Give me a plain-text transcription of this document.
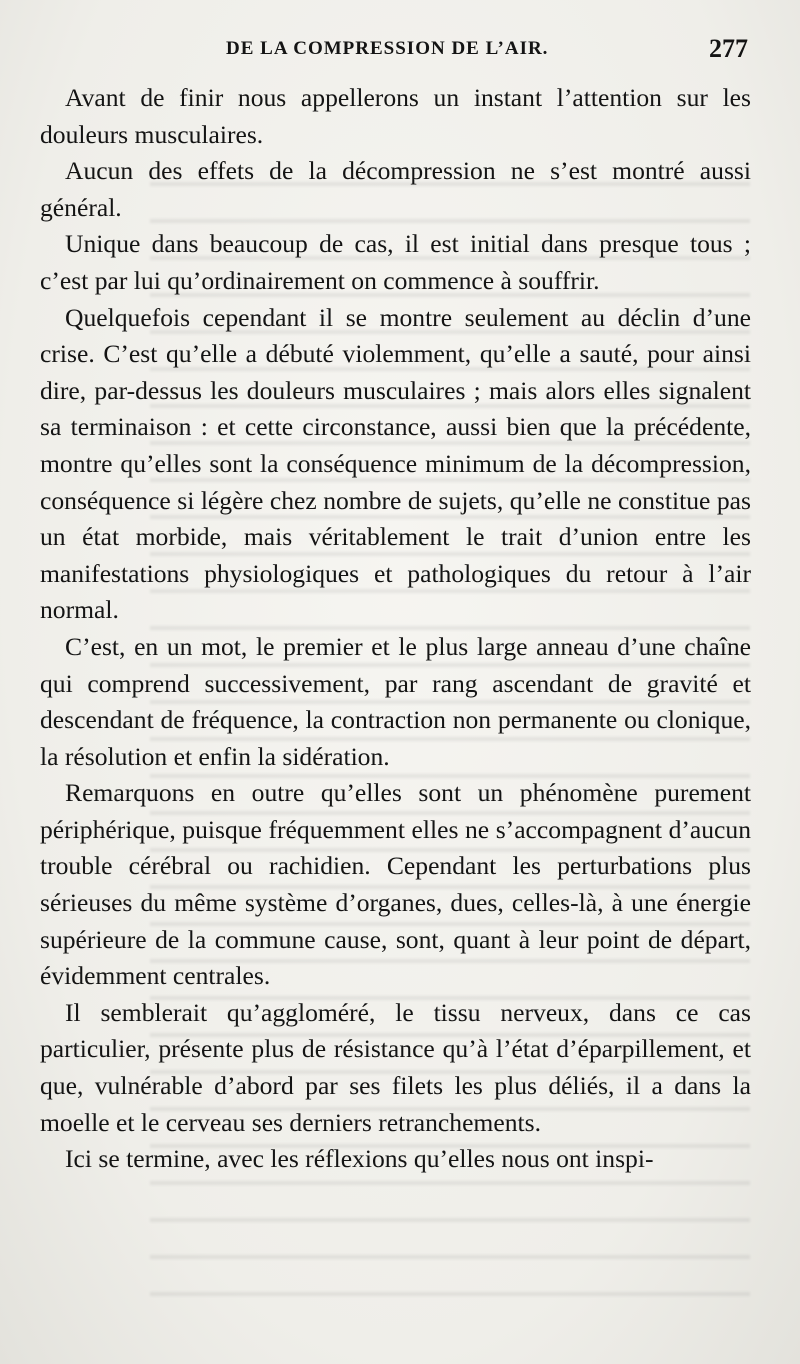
DE LA COMPRESSION DE L’AIR.	277

Avant de finir nous appellerons un instant l’attention sur les douleurs musculaires.

Aucun des effets de la décompression ne s’est montré aussi général.

Unique dans beaucoup de cas, il est initial dans presque tous ; c’est par lui qu’ordinairement on commence à souffrir.

Quelquefois cependant il se montre seulement au déclin d’une crise. C’est qu’elle a débuté violemment, qu’elle a sauté, pour ainsi dire, par-dessus les douleurs musculaires ; mais alors elles signalent sa terminaison : et cette circonstance, aussi bien que la précédente, montre qu’elles sont la conséquence minimum de la décompression, conséquence si légère chez nombre de sujets, qu’elle ne constitue pas un état morbide, mais véritablement le trait d’union entre les manifestations physiologiques et pathologiques du retour à l’air normal.

C’est, en un mot, le premier et le plus large anneau d’une chaîne qui comprend successivement, par rang ascendant de gravité et descendant de fréquence, la contraction non permanente ou clonique, la résolution et enfin la sidération.

Remarquons en outre qu’elles sont un phénomène purement périphérique, puisque fréquemment elles ne s’accompagnent d’aucun trouble cérébral ou rachidien. Cependant les perturbations plus sérieuses du même système d’organes, dues, celles-là, à une énergie supérieure de la commune cause, sont, quant à leur point de départ, évidemment centrales.

Il semblerait qu’aggloméré, le tissu nerveux, dans ce cas particulier, présente plus de résistance qu’à l’état d’éparpillement, et que, vulnérable d’abord par ses filets les plus déliés, il a dans la moelle et le cerveau ses derniers retranchements.

Ici se termine, avec les réflexions qu’elles nous ont inspi-
